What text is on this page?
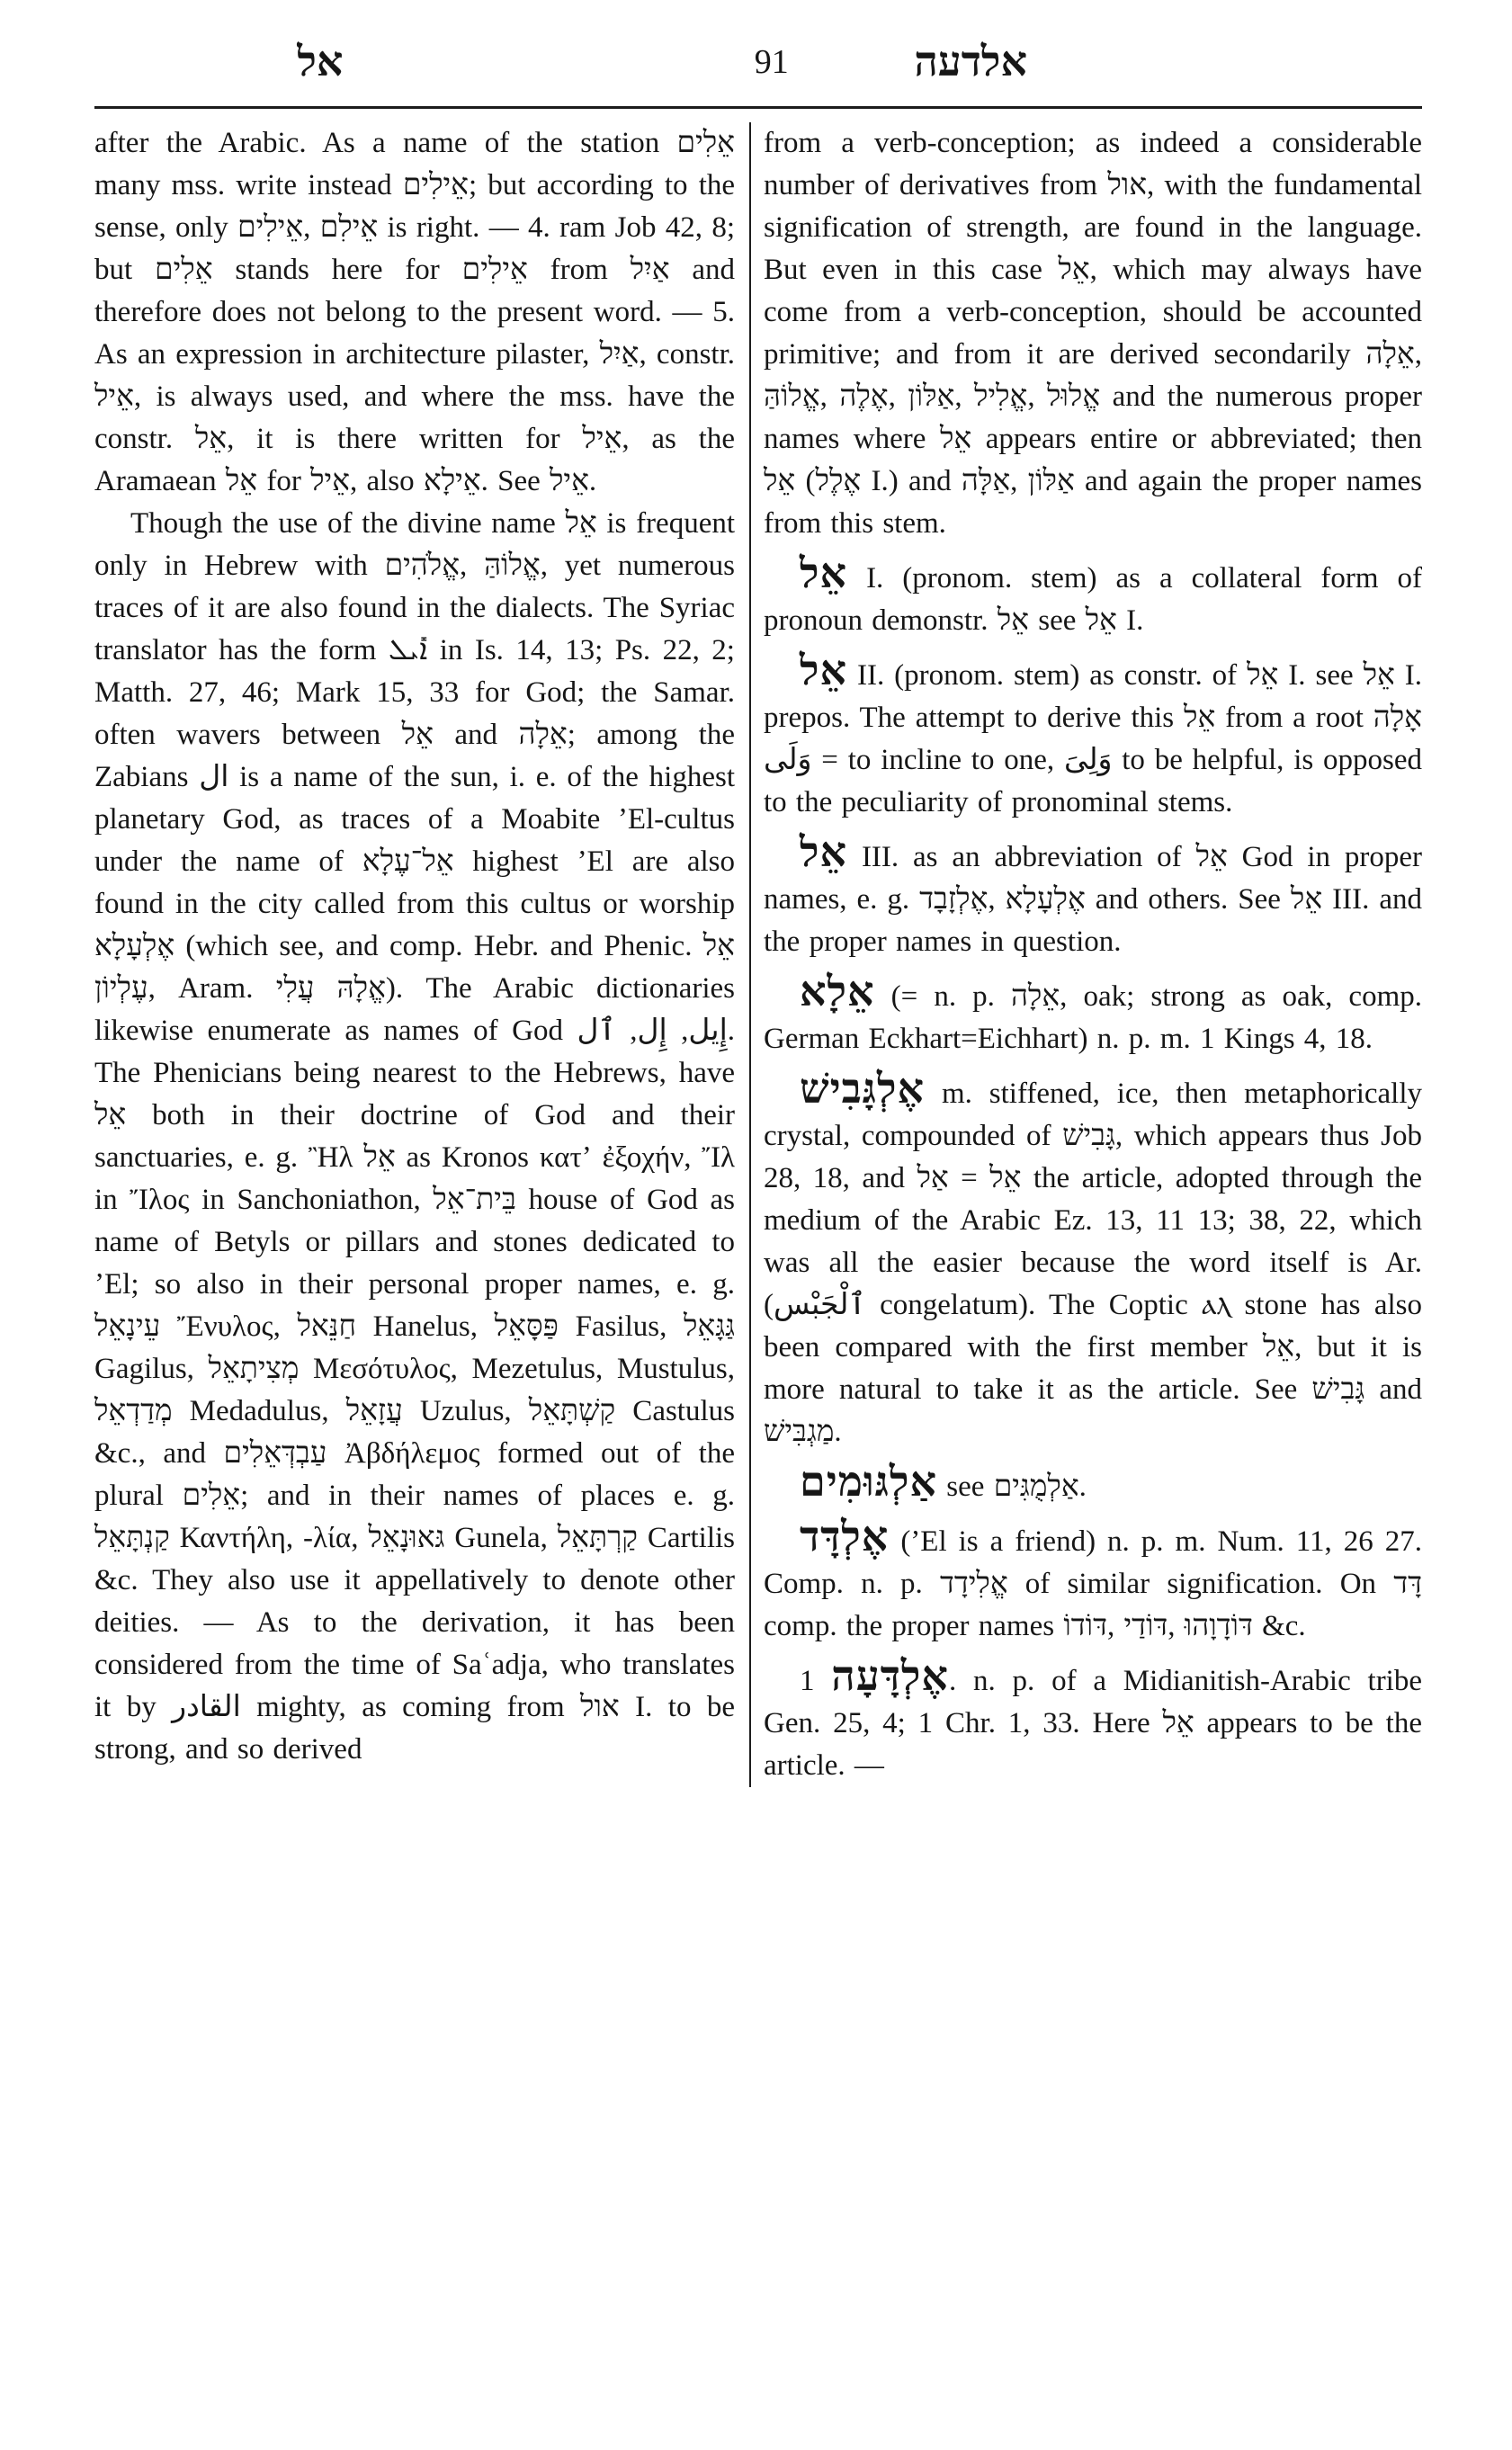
אל	91	אלדעה

after the Arabic. As a name of the station אֵלִים many mss. write instead אֵילִים; but according to the sense, only אֵילִים,‎ אֵילִם is right. — 4. ram Job 42, 8; but אֵלִים stands here for אֵילִים from אַיִל and therefore does not belong to the present word. — 5. As an expression in architecture pilaster, אַיִל,‎ constr. אֵיל,‎ is always used, and where the mss. have the constr. אֵל,‎ it is there written for אֵיל,‎ as the Aramaean אֵל for אֵיל,‎ also אֵילָא. See אֵיל.

Though the use of the divine name אֵל is frequent only in Hebrew with אֱלֹהִים,‎ אֱלוֹהַּ,‎ yet numerous traces of it are also found in the dialects. The Syriac translator has the form ܐܺܝܠ in Is. 14, 13; Ps. 22, 2; Matth. 27, 46; Mark 15, 33 for God; the Samar. often wavers between אֵל and אֵלָה; among the Zabians ال is a name of the sun, i. e. of the highest planetary God, as traces of a Moabite ʼEl-cultus under the name of אֵל־עֶלָא highest ʼEl are also found in the city called from this cultus or worship אֶלְעָלָא (which see, and comp. Hebr. and Phenic. אֵל עֶלְיוֹן,‎ Aram. אֱלָהּ עֲלִי). The Arabic dictionaries likewise enumerate as names of God إِيل, إِل, ٱل. The Phenicians being nearest to the Hebrews, have אֵל both in their doctrine of God and their sanctuaries, e. g. Ἢλ אֵל as Kronos κατʼ ἐξοχήν, Ἴλ in Ἴλος in Sanchoniathon, בֵּית־אֵל house of God as name of Betyls or pillars and stones dedicated to ʼEl; so also in their personal proper names, e. g. עֵינָאֵל Ἔνυλος, חַנֵּאל Hanelus, פַּסָּאֵל Fasilus, גַּגָּאֵל Gagilus, מְצִיתָאֵל Μεσότυλος, Mezetulus, Mustulus, מְדַדְאֵל Medadulus, עֲזָאֵל Uzulus, קַשְׁתָּאֵל Castulus &c., and עַבְדְּאֵלִים Ἀβδήλεμος formed out of the plural אֵלִים; and in their names of places e. g. קַנְתָּאֵל Καντήλη, -λία, גּאוּנָאֵל Gunela, קַרְתָּאֵל Cartilis &c. They also use it appellatively to denote other deities. — As to the derivation, it has been considered from the time of Saʿadja, who translates it by القادر mighty, as coming from אול I. to be strong, and so derived

from a verb-conception; as indeed a considerable number of derivatives from אול,‎ with the fundamental signification of strength, are found in the language. But even in this case אֵל,‎ which may always have come from a verb-conception, should be accounted primitive; and from it are derived secondarily אֵלָה,‎ אֱלוֹהַּ,‎ אֶלֶה,‎ אַלּוֹן,‎ אֱלִיל,‎ אֱלוּל and the numerous proper names where אֵל appears entire or abbreviated; then אֵל (אֶלֶל I.) and אַלָּה,‎ אַלּוֹן and again the proper names from this stem.

אֵל I. (pronom. stem) as a collateral form of pronoun demonstr. אֵל see אֵל I.

אֵל II. (pronom. stem) as constr. of אֵל I. see אֵל I. prepos. The attempt to derive this אֵל from a root אָלָה = وَلَى to incline to one, وَلِىَ to be helpful, is opposed to the peculiarity of pronominal stems.

אֵל III. as an abbreviation of אֵל God in proper names, e. g. אֶלְזָבָד,‎ אֶלְעָלָא and others. See אֵל III. and the proper names in question.

אֵלָא (= n. p. אֵלָה,‎ oak; strong as oak, comp. German Eckhart=Eichhart) n. p. m. 1 Kings 4, 18.

אֶלְגָּבִישׁ m. stiffened, ice, then metaphorically crystal, compounded of גָּבִישׁ,‎ which appears thus Job 28, 18, and אֵל = אַל the article, adopted through the medium of the Arabic Ez. 13, 11 13; 38, 22, which was all the easier because the word itself is Ar. (ٱلْجَبْس congelatum). The Coptic ⲁⲗ stone has also been compared with the first member אֵל,‎ but it is more natural to take it as the article. See גָּבִישׁ and מַגְבִּישׁ.

אַלְגּוּמִים see אַלְמֻגִּים.

אֶלְדָּד (ʼEl is a friend) n. p. m. Num. 11, 26 27. Comp. n. p. אֱלִידָד of similar signification. On דָּד comp. the proper names דּוֹדוֹ,‎ דּוֹדַי,‎ דּוֹדָוָהוּ &c.

אֶלְדָּעָה 1. n. p. of a Midianitish-Arabic tribe Gen. 25, 4; 1 Chr. 1, 33. Here אֵל appears to be the article. —
